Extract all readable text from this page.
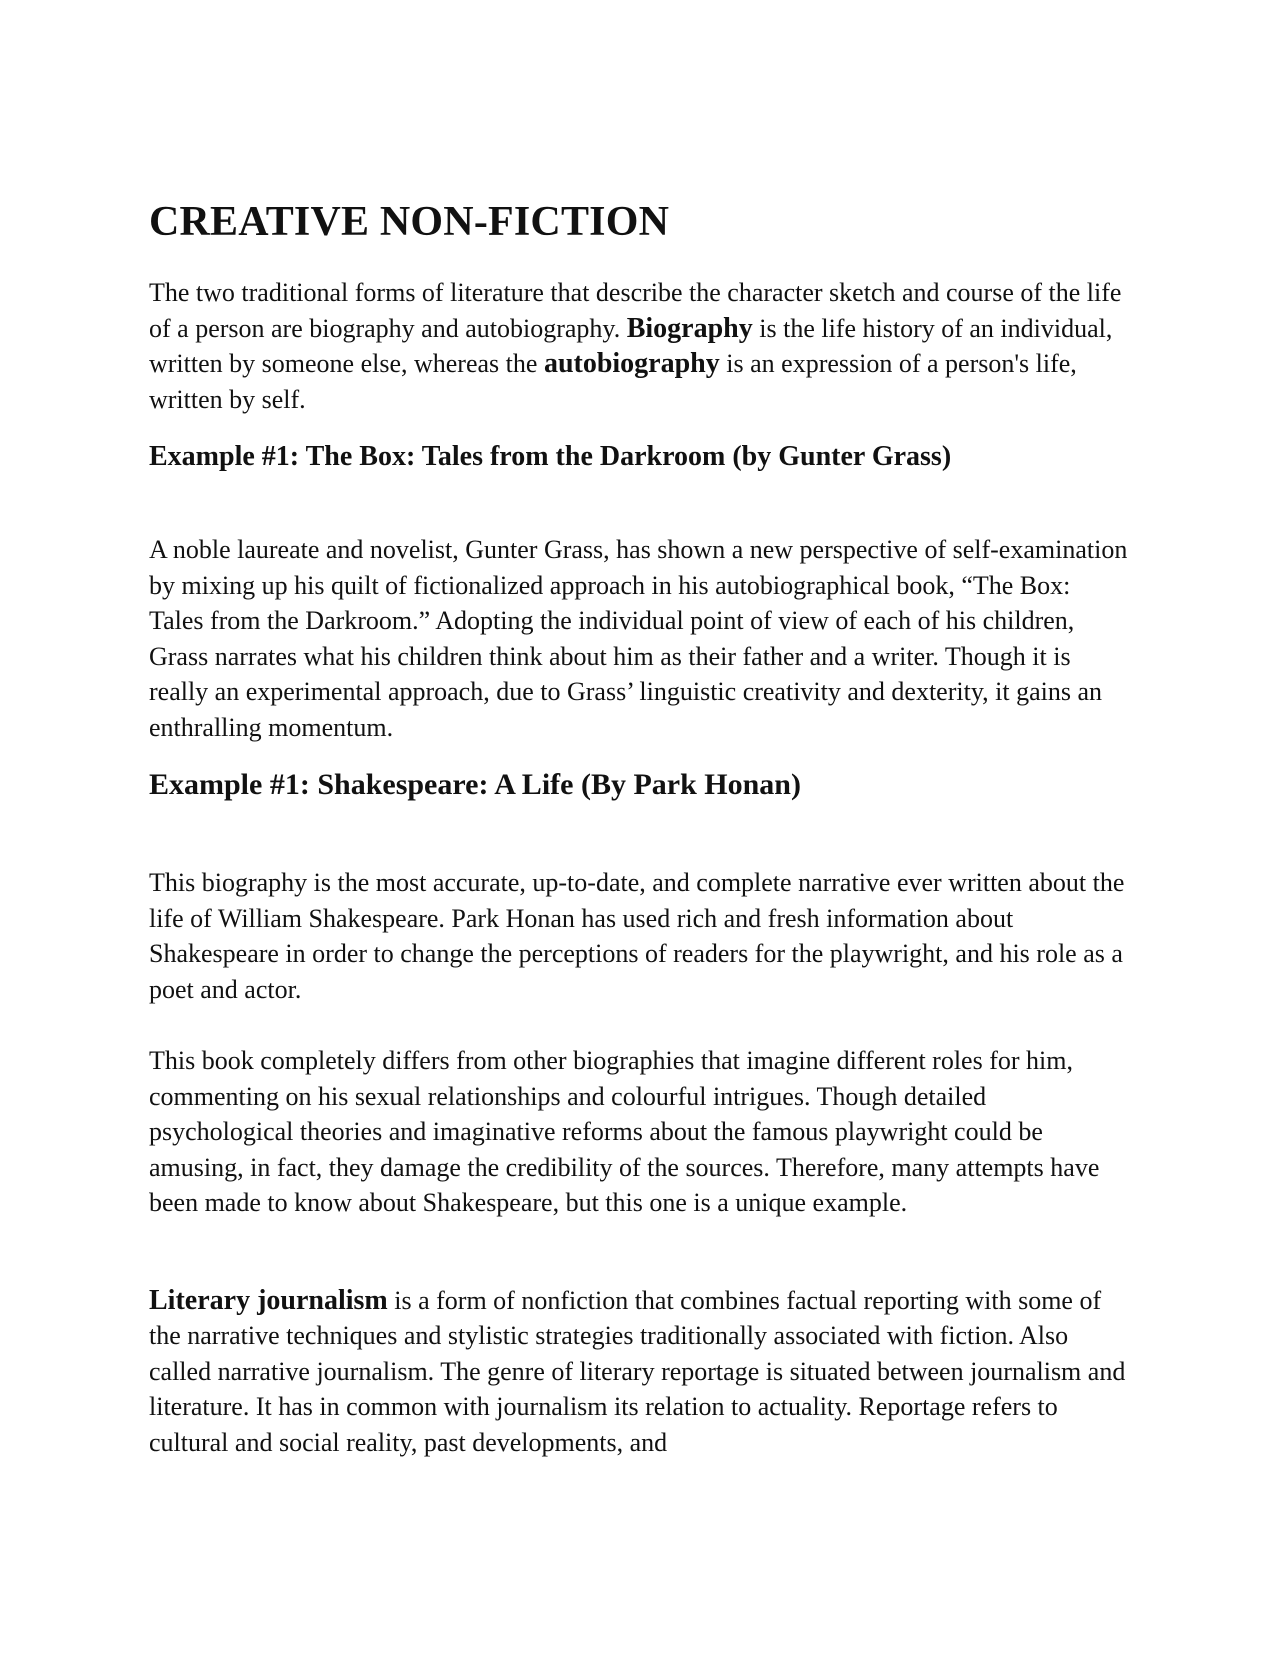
CREATIVE NON-FICTION

The two traditional forms of literature that describe the character sketch and course of the life of a person are biography and autobiography. Biography is the life history of an individual, written by someone else, whereas the autobiography is an expression of a person's life, written by self.

Example #1: The Box: Tales from the Darkroom (by Gunter Grass)

A noble laureate and novelist, Gunter Grass, has shown a new perspective of self-examination by mixing up his quilt of fictionalized approach in his autobiographical book, “The Box: Tales from the Darkroom.” Adopting the individual point of view of each of his children, Grass narrates what his children think about him as their father and a writer. Though it is really an experimental approach, due to Grass’ linguistic creativity and dexterity, it gains an enthralling momentum.

Example #1: Shakespeare: A Life (By Park Honan)

This biography is the most accurate, up-to-date, and complete narrative ever written about the life of William Shakespeare. Park Honan has used rich and fresh information about Shakespeare in order to change the perceptions of readers for the playwright, and his role as a poet and actor.

This book completely differs from other biographies that imagine different roles for him, commenting on his sexual relationships and colourful intrigues. Though detailed psychological theories and imaginative reforms about the famous playwright could be amusing, in fact, they damage the credibility of the sources. Therefore, many attempts have been made to know about Shakespeare, but this one is a unique example.

Literary journalism is a form of nonfiction that combines factual reporting with some of the narrative techniques and stylistic strategies traditionally associated with fiction. Also called narrative journalism. The genre of literary reportage is situated between journalism and literature. It has in common with journalism its relation to actuality. Reportage refers to cultural and social reality, past developments, and
